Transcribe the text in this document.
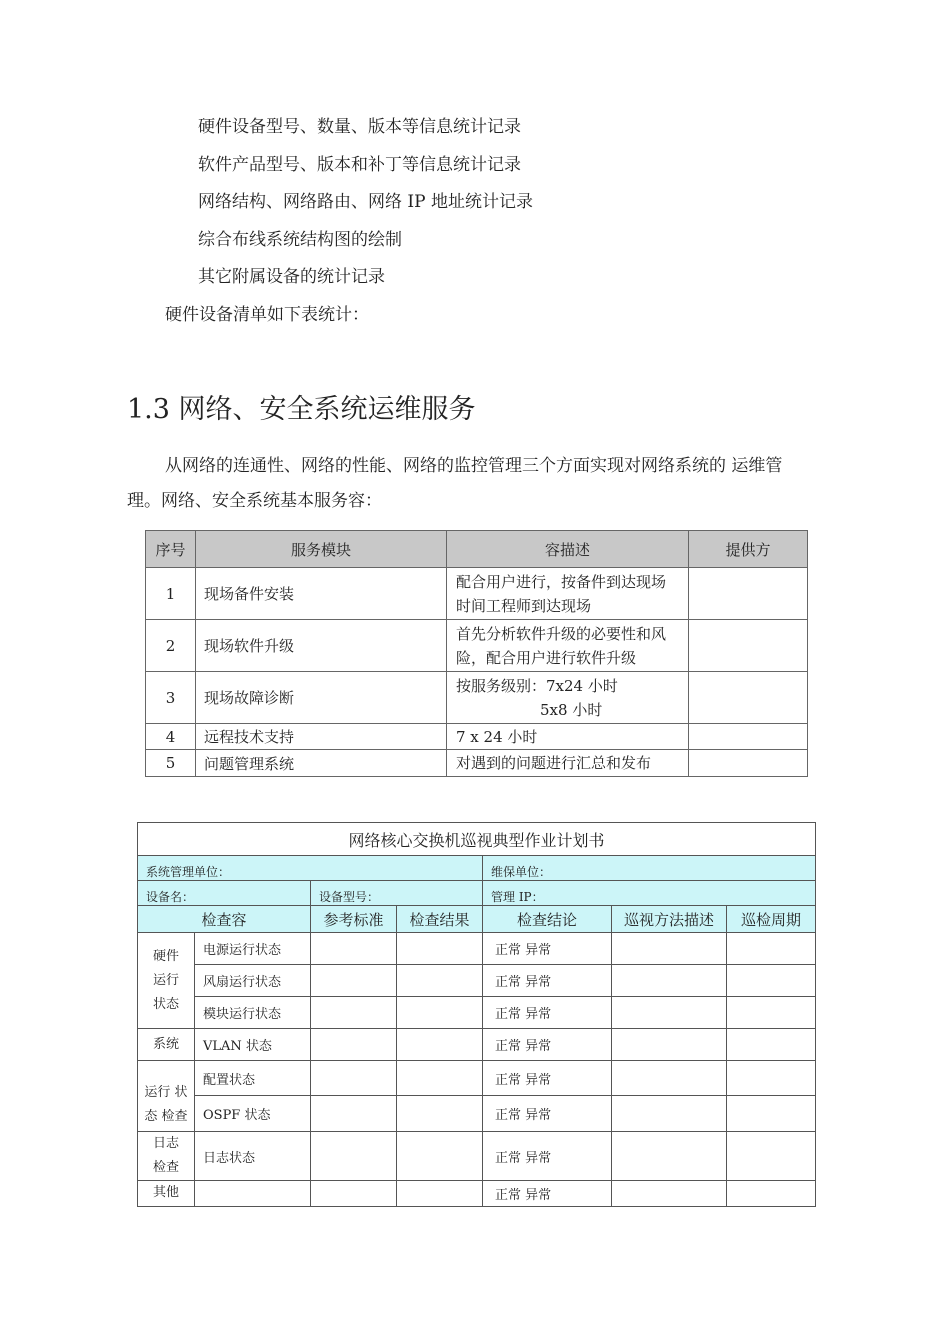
硬件设备型号、数量、版本等信息统计记录
软件产品型号、版本和补丁等信息统计记录
网络结构、网络路由、网络 IP 地址统计记录
综合布线系统结构图的绘制
其它附属设备的统计记录
硬件设备清单如下表统计：
1.3 网络、安全系统运维服务
从网络的连通性、网络的性能、网络的监控管理三个方面实现对网络系统的 运维管
理。网络、安全系统基本服务容：
序号	服务模块	容描述	提供方
1	现场备件安装	配合用户进行，按备件到达现场
时间工程师到达现场	

2	现场软件升级	首先分析软件升级的必要性和风
险，配合用户进行软件升级	

3	现场故障诊断	按服务级别：7x24 小时
5x8 小时	

4	远程技术支持	7 x 24 小时	
5	问题管理系统	对遇到的问题进行汇总和发布	
网络核心交换机巡视典型作业计划书						
系统管理单位：				维保单位：		
设备名：		设备型号：		管理 IP：		
检查容		参考标准	检查结果	检查结论	巡视方法描述	巡检周期

硬件
运行
状态	电源运行状态			正常 异常		
	风扇运行状态			正常 异常		
	模块运行状态			正常 异常		
系统	VLAN 状态			正常 异常		

运行 状
态 检查	配置状态			正常 异常		
	OSPF 状态			正常 异常		

日志
检查	日志状态			正常 异常		
其他				正常 异常		
